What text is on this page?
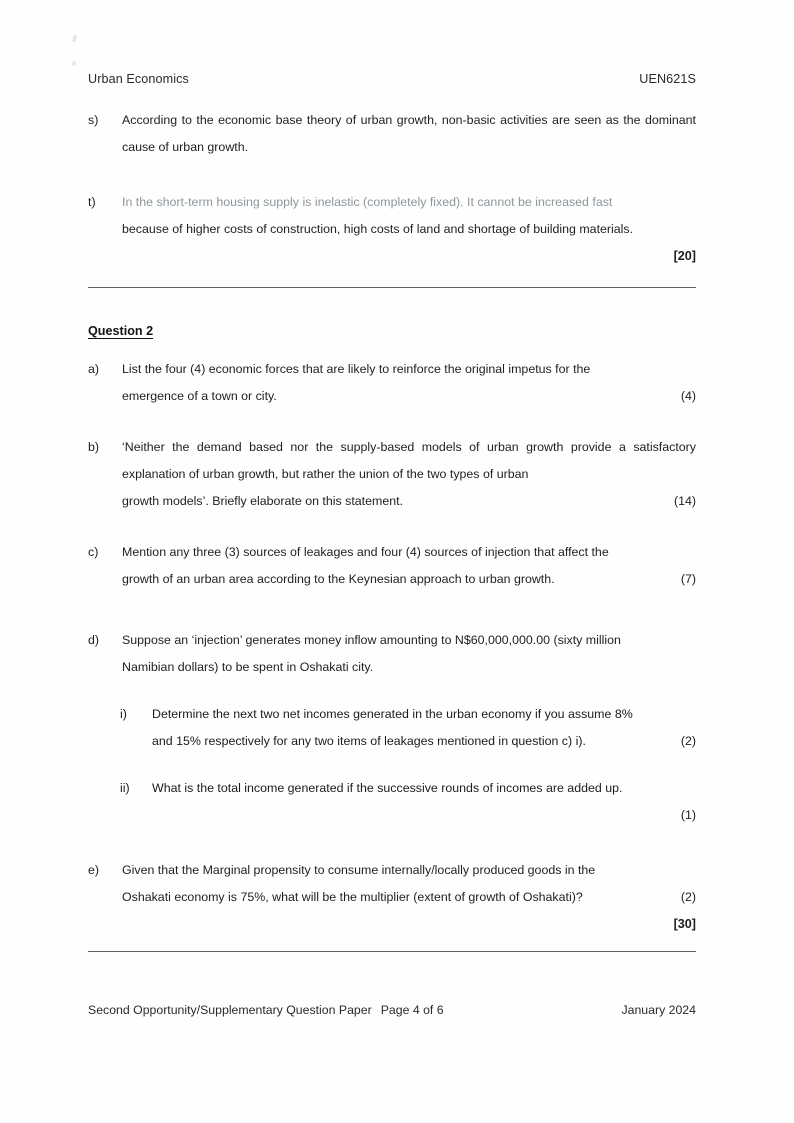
Urban Economics	UEN621S
s)	According to the economic base theory of urban growth, non-basic activities are seen as the dominant cause of urban growth.
t)	In the short-term housing supply is inelastic (completely fixed). It cannot be increased fast
because of higher costs of construction, high costs of land and shortage of building materials.
[20]
Question 2
a)	List the four (4) economic forces that are likely to reinforce the original impetus for the
emergence of a town or city.	(4)
b)	‘Neither the demand based nor the supply-based models of urban growth provide a satisfactory explanation of urban growth, but rather the union of the two types of urban
growth models’. Briefly elaborate on this statement.	(14)
c)	Mention any three (3) sources of leakages and four (4) sources of injection that affect the
growth of an urban area according to the Keynesian approach to urban growth.	(7)
d)	Suppose an ‘injection’ generates money inflow amounting to N$60,000,000.00 (sixty million
Namibian dollars) to be spent in Oshakati city.
i)	Determine the next two net incomes generated in the urban economy if you assume 8%
and 15% respectively for any two items of leakages mentioned in question c) i).	(2)
ii)	What is the total income generated if the successive rounds of incomes are added up.
(1)
e)	Given that the Marginal propensity to consume internally/locally produced goods in the
Oshakati economy is 75%, what will be the multiplier (extent of growth of Oshakati)?	(2)
[30]
Second Opportunity/Supplementary Question Paper Page 4 of 6	January 2024
